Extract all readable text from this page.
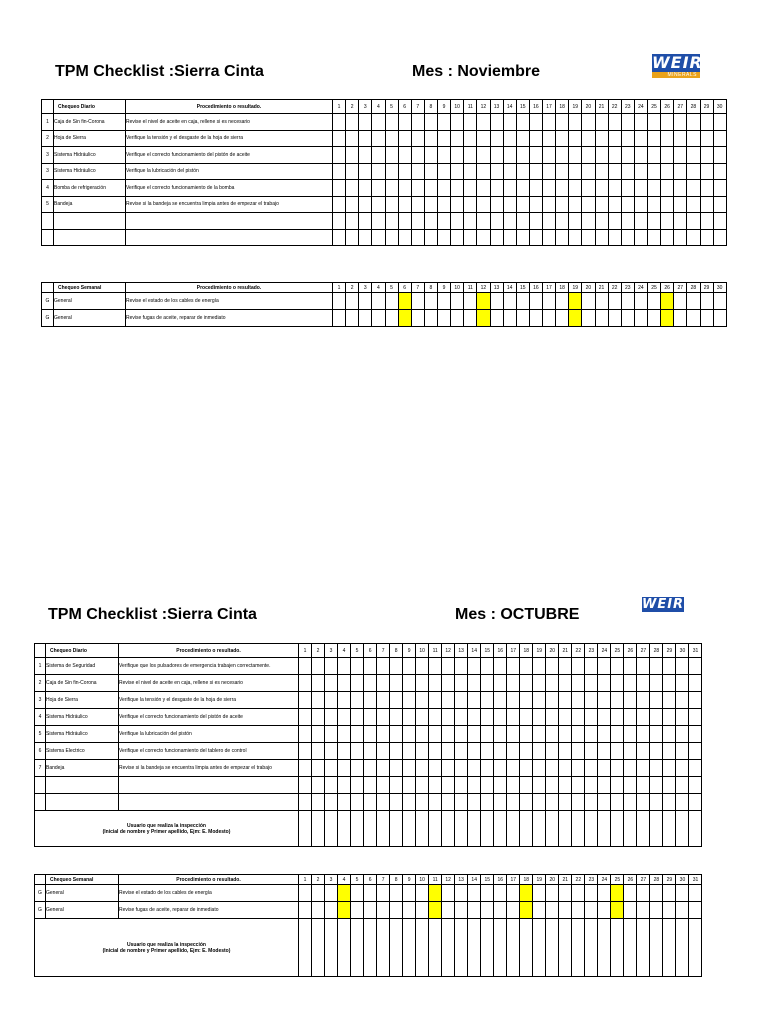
TPM Checklist :Sierra Cinta	Mes : Noviembre	WEIR
MINERALS
	Chequeo Diario	Procedimiento o resultado.	1	2	3	4	5	6	7	8	9	10	11	12	13	14	15	16	17	18	19	20	21	22	23	24	25	26	27	28	29	30
1	Caja de Sin fin-Corona	Revise el nivel de aceite en caja, rellene si es necesario																														
2	Hoja de Sierra	Verifique la tensión y el desgaste de la hoja de sierra																														
3	Sistema Hidráulico	Verifique el correcto funcionamiento del pistón de aceite																														
3	Sistema Hidráulico	Verifique la lubricación del pistón																														
4	Bomba de refrigeración	Verifique el correcto funcionamiento de la bomba																														
5	Bandeja	Revise si la bandeja se encuentra limpia antes de empezar el trabajo																														

	Chequeo Semanal	Procedimiento o resultado.	1	2	3	4	5	6	7	8	9	10	11	12	13	14	15	16	17	18	19	20	21	22	23	24	25	26	27	28	29	30
G	General	Revise el estado de los cables de energía																														
G	General	Revise fugas de aceite, reparar de inmediato																														
TPM Checklist :Sierra Cinta	Mes : OCTUBRE
WEIR
	Chequeo Diario	Procedimiento o resultado.	1	2	3	4	5	6	7	8	9	10	11	12	13	14	15	16	17	18	19	20	21	22	23	24	25	26	27	28	29	30	31
1	Sistema de Seguridad	Verifique que los pulsadores de emergencia trabajen correctamente.																															
2	Caja de Sin fin-Corona	Revise el nivel de aceite en caja, rellene si es necesario																															
3	Hoja de Sierra	Verifique la tensión y el desgaste de la hoja de sierra																															
4	Sistema Hidráulico	Verifique el correcto funcionamiento del pistón de aceite																															
5	Sistema Hidráulico	Verifique la lubricación del pistón																															
6	Sistema Electrico	Verifique el correcto funcionamiento del tablero de control																															
7	Bandeja	Revise si la bandeja se encuentra limpia antes de empezar el trabajo																															

Usuario que realiza la inspección
(Inicial de nombre y Primer apellido, Ejm: E. Modesto)																																	

	Chequeo Semanal	Procedimiento o resultado.	1	2	3	4	5	6	7	8	9	10	11	12	13	14	15	16	17	18	19	20	21	22	23	24	25	26	27	28	29	30	31
G	General	Revise el estado de los cables de energía																															
G	General	Revise fugas de aceite, reparar de inmediato																															

Usuario que realiza la inspección
(Inicial de nombre y Primer apellido, Ejm: E. Modesto)																																	
